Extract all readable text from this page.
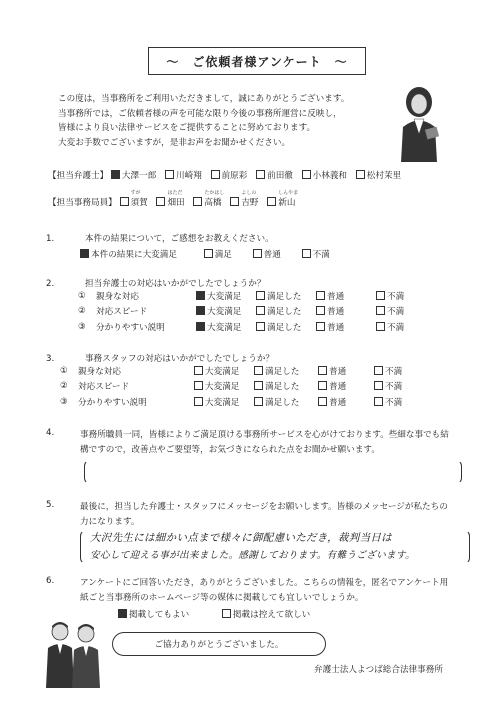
〜　ご依頼者様アンケート　〜
この度は，当事務所をご利用いただきまして，誠にありがとうございます。
当事務所では，ご依頼者様の声を可能な限り今後の事務所運営に反映し，
皆様により良い法律サービスをご提供することに努めております。
大変お手数でございますが，是非お声をお聞かせください。
【担当弁護士】 大澤一郎 川崎翔 前原彩 前田徹 小林義和 松村茉里
【担当事務局員】
すが
須賀
はただ
畑田
たかはし
高橋
よしの
吉野
しんやま
新山
1.	本件の結果について，ご感想をお教えください。
本件の結果に大変満足	満足	普通	不満
2.	担当弁護士の対応はいかがでしたでしょうか？
①	親身な対応	大変満足	満足した	普通	不満
②	対応スピード	大変満足	満足した	普通	不満
③	分かりやすい説明	大変満足	満足した	普通	不満
3.	事務スタッフの対応はいかがでしたでしょうか？
①	親身な対応	大変満足	満足した	普通	不満
②	対応スピード	大変満足	満足した	普通	不満
③	分かりやすい説明	大変満足	満足した	普通	不満
4.	事務所職員一同，皆様によりご満足頂ける事務所サービスを心がけております。些細な事でも結
構ですので，改善点やご要望等，お気づきになられた点をお聞かせ願います。
5.	最後に，担当した弁護士・スタッフにメッセージをお願いします。皆様のメッセージが私たちの
力になります。
大沢先生には細かい点まで様々に御配慮いただき，裁判当日は
安心して迎える事が出来ました。感謝しております。有難うございます。
6.	アンケートにご回答いただき，ありがとうございました。こちらの情報を，匿名でアンケート用
紙ごと当事務所のホームページ等の媒体に掲載しても宜しいでしょうか。
掲載してもよい	掲載は控えて欲しい
ご協力ありがとうございました。
弁護士法人よつば総合法律事務所
